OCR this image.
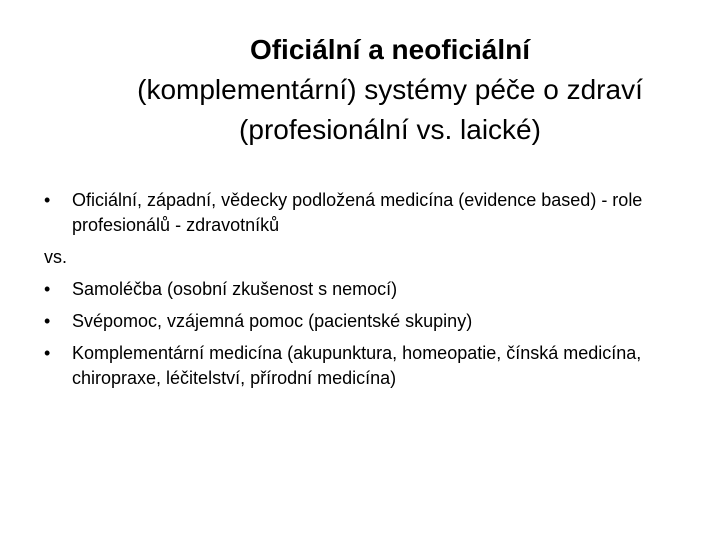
Oficiální a neoficiální
(komplementární) systémy péče o zdraví
(profesionální vs. laické)
• Oficiální, západní, vědecky podložená medicína (evidence based) - role profesionálů - zdravotníků
vs.
• Samoléčba (osobní zkušenost s nemocí)
• Svépomoc, vzájemná pomoc (pacientské skupiny)
• Komplementární medicína (akupunktura, homeopatie, čínská medicína, chiropraxe, léčitelství, přírodní medicína)
